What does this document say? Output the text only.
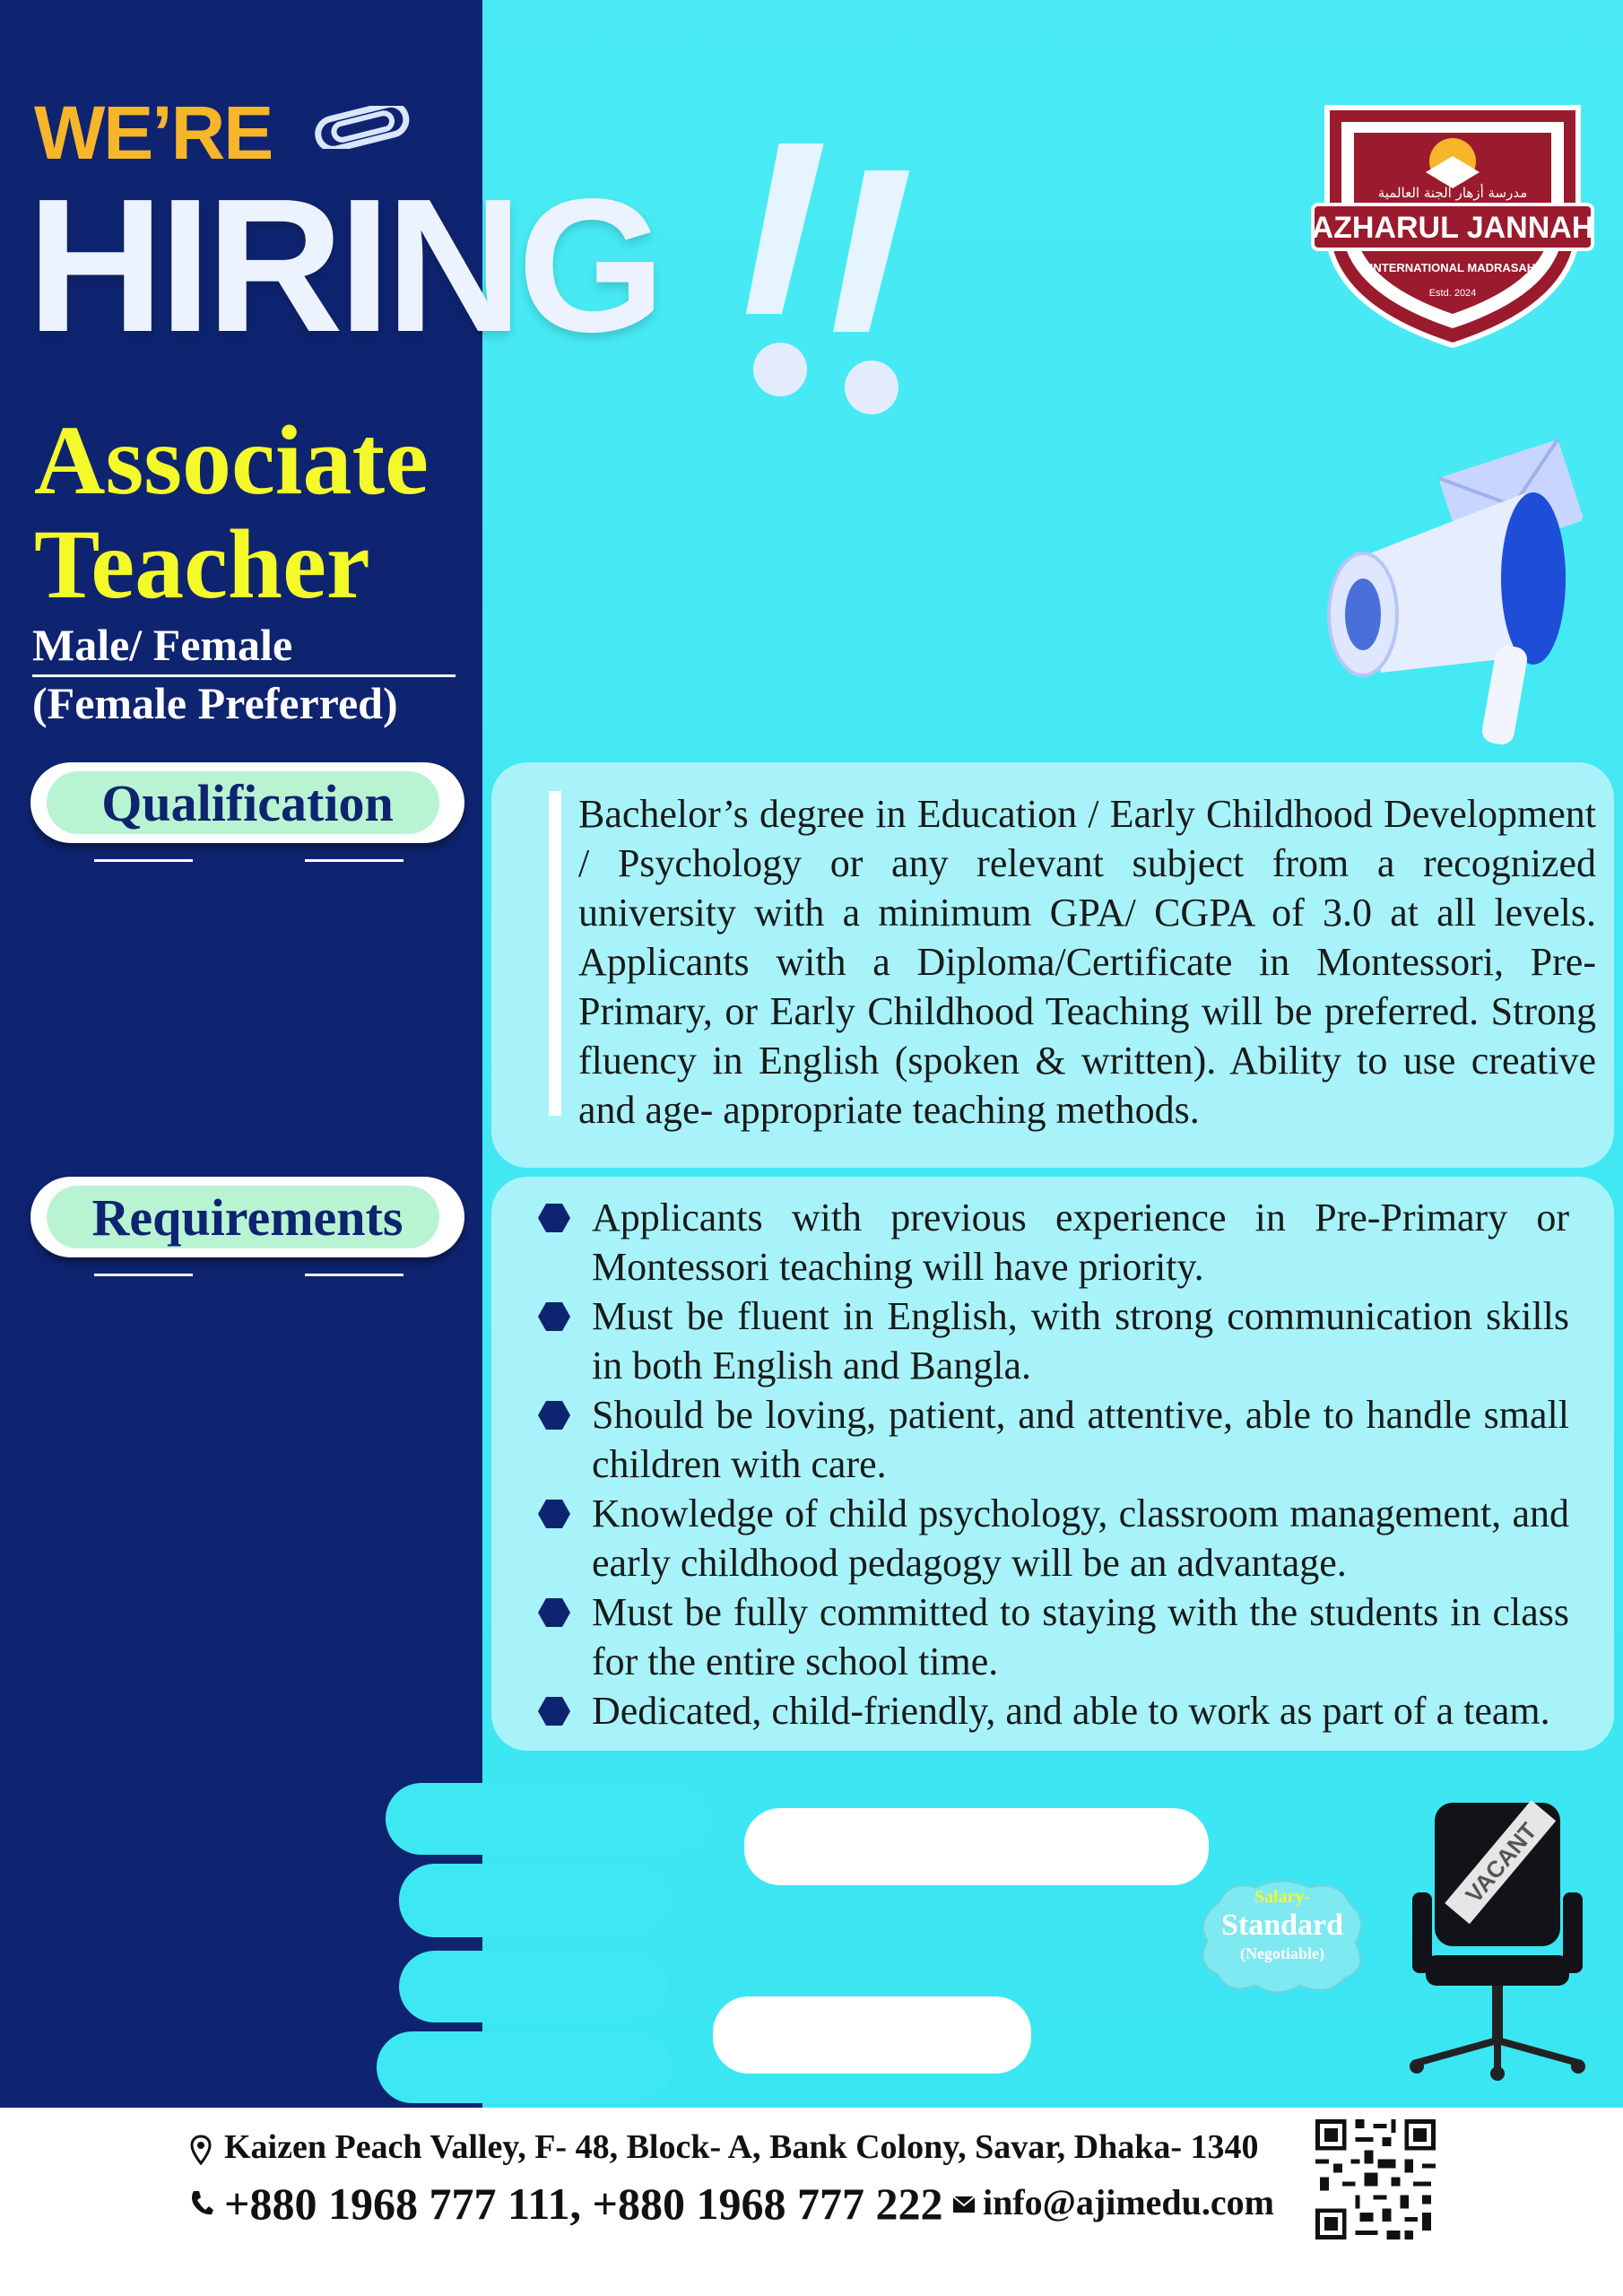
WE’RE
HIRING	مدرسة أزهار الجنة العالمية
AZHARUL JANNAH
INTERNATIONAL MADRASAH
Estd. 2024
Associate
Teacher
Male/ Female
(Female Preferred)
Qualification	Bachelor’s degree in Education / Early Childhood Development / Psychology or any relevant subject from a recognized university with a minimum GPA/ CGPA of 3.0 at all levels. Applicants with a Diploma/Certificate in Montessori, Pre-Primary, or Early Childhood Teaching will be preferred. Strong fluency in English (spoken & written). Ability to use creative and age- appropriate teaching methods.
Requirements	Applicants with previous experience in Pre-Primary or Montessori teaching will have priority.
Must be fluent in English, with strong communication skills in both English and Bangla.
Should be loving, patient, and attentive, able to handle small children with care.
Knowledge of child psychology, classroom management, and early childhood pedagogy will be an advantage.
Must be fully committed to staying with the students in class for the entire school time.
Dedicated, child-friendly, and able to work as part of a team.
Salary-
Standard
(Negotiable)
VACANT
Kaizen Peach Valley, F- 48, Block- A, Bank Colony, Savar, Dhaka- 1340
+880 1968 777 111, +880 1968 777 222 info@ajimedu.com
